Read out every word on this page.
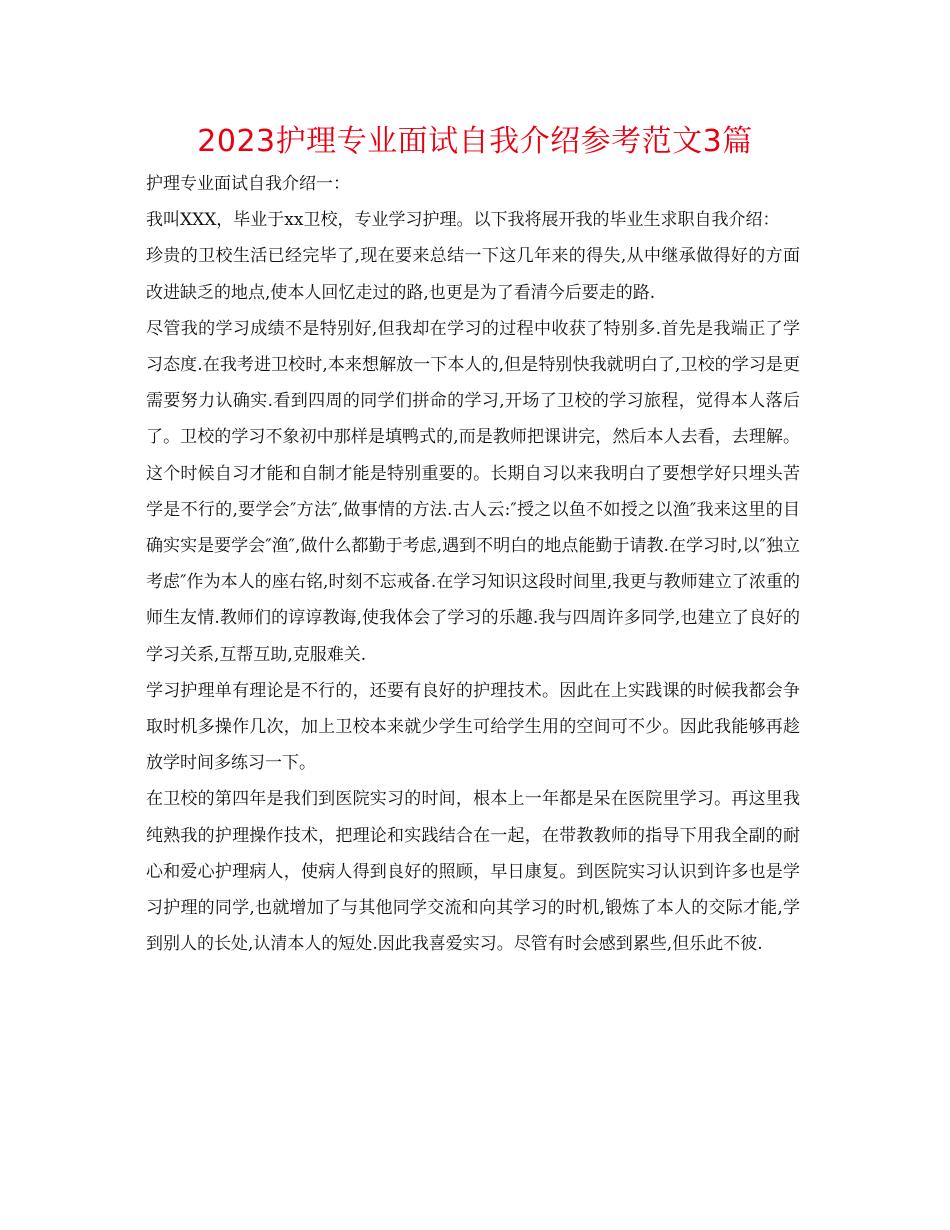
2023护理专业面试自我介绍参考范文3篇

护理专业面试自我介绍一：

我叫XXX，毕业于xx卫校，专业学习护理。以下我将展开我的毕业生求职自我介绍：

珍贵的卫校生活已经完毕了,现在要来总结一下这几年来的得失,从中继承做得好的方面改进缺乏的地点,使本人回忆走过的路,也更是为了看清今后要走的路.

尽管我的学习成绩不是特别好,但我却在学习的过程中收获了特别多.首先是我端正了学习态度.在我考进卫校时,本来想解放一下本人的,但是特别快我就明白了,卫校的学习是更需要努力认确实.看到四周的同学们拼命的学习,开场了卫校的学习旅程，觉得本人落后了。卫校的学习不象初中那样是填鸭式的,而是教师把课讲完，然后本人去看，去理解。这个时候自习才能和自制才能是特别重要的。长期自习以来我明白了要想学好只埋头苦学是不行的,要学会″方法″,做事情的方法.古人云:″授之以鱼不如授之以渔″我来这里的目确实实是要学会″渔″,做什么都勤于考虑,遇到不明白的地点能勤于请教.在学习时,以″独立考虑″作为本人的座右铭,时刻不忘戒备.在学习知识这段时间里,我更与教师建立了浓重的师生友情.教师们的谆谆教诲,使我体会了学习的乐趣.我与四周许多同学,也建立了良好的学习关系,互帮互助,克服难关.

学习护理单有理论是不行的，还要有良好的护理技术。因此在上实践课的时候我都会争取时机多操作几次，加上卫校本来就少学生可给学生用的空间可不少。因此我能够再趁放学时间多练习一下。

在卫校的第四年是我们到医院实习的时间，根本上一年都是呆在医院里学习。再这里我纯熟我的护理操作技术，把理论和实践结合在一起，在带教教师的指导下用我全副的耐心和爱心护理病人，使病人得到良好的照顾，早日康复。到医院实习认识到许多也是学习护理的同学,也就增加了与其他同学交流和向其学习的时机,锻炼了本人的交际才能,学到别人的长处,认清本人的短处.因此我喜爱实习。尽管有时会感到累些,但乐此不彼.
